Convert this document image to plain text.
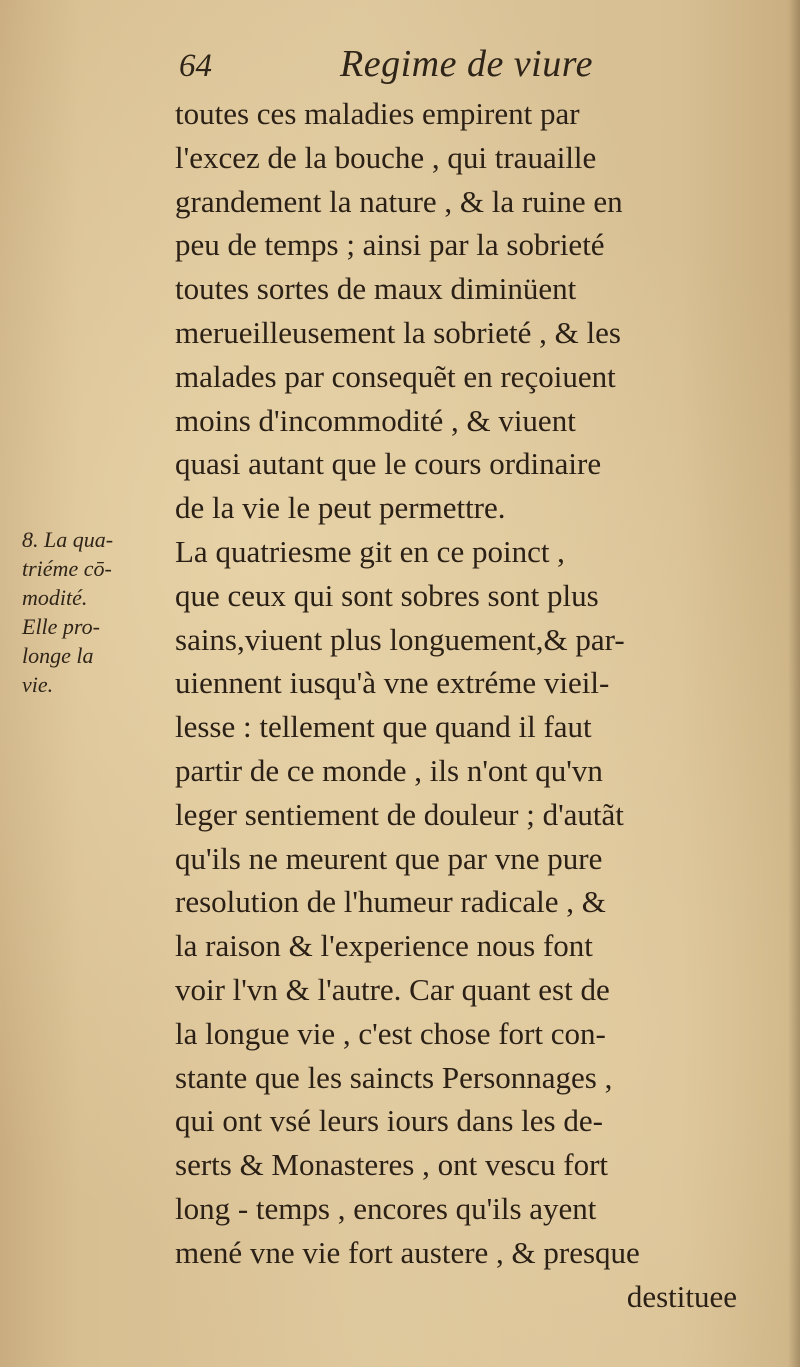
64	Regime de viure
8. La qua-
triéme cō-
modité.
Elle pro-
longe la
vie.
toutes ces maladies empirent par
l'excez de la bouche , qui trauaille
grandement la nature , & la ruine en
peu de temps ; ainsi par la sobrieté
toutes sortes de maux diminüent
merueilleusement la sobrieté , & les
malades par consequẽt en reçoiuent
moins d'incommodité , & viuent
quasi autant que le cours ordinaire
de la vie le peut permettre.
La quatriesme git en ce poinct ,
que ceux qui sont sobres sont plus
sains,viuent plus longuement,& par-
uiennent iusqu'à vne extréme vieil-
lesse : tellement que quand il faut
partir de ce monde , ils n'ont qu'vn
leger sentiement de douleur ; d'autãt
qu'ils ne meurent que par vne pure
resolution de l'humeur radicale , &
la raison & l'experience nous font
voir l'vn & l'autre. Car quant est de
la longue vie , c'est chose fort con-
stante que les saincts Personnages ,
qui ont vsé leurs iours dans les de-
serts & Monasteres , ont vescu fort
long - temps , encores qu'ils ayent
mené vne vie fort austere , & presque
destituee
